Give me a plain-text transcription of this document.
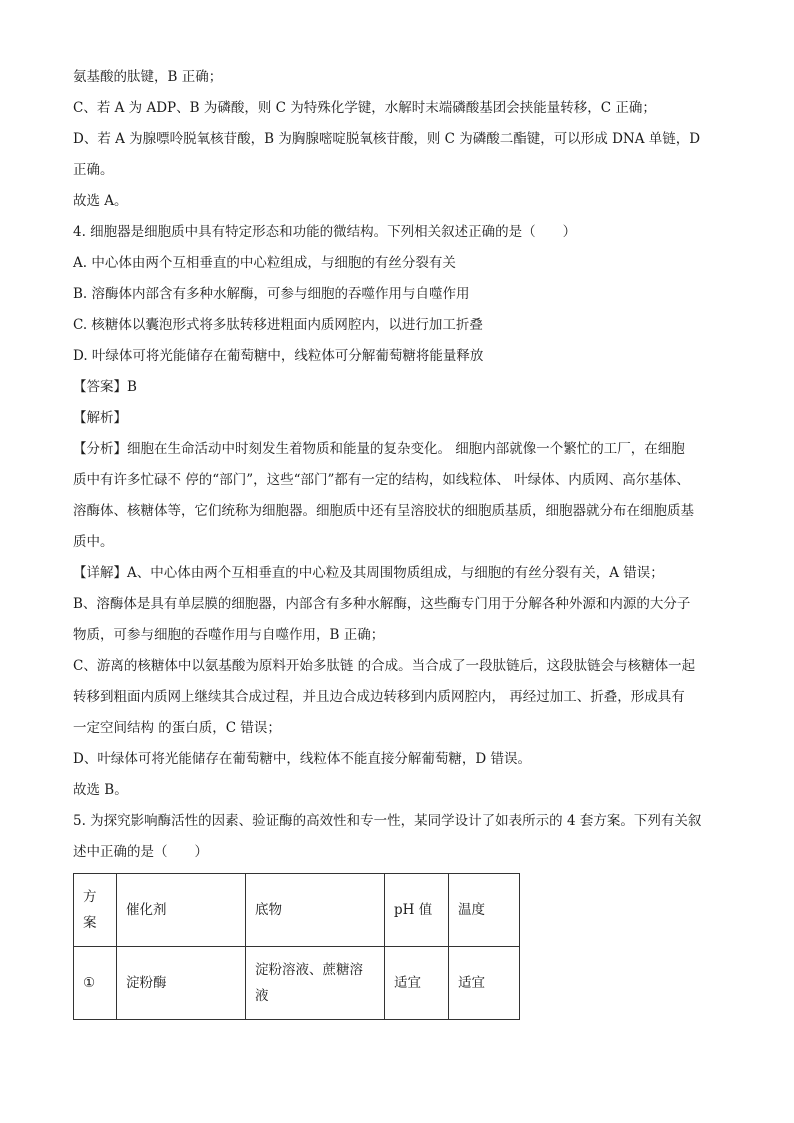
氨基酸的肽键，B 正确；
C、若 A 为 ADP、B 为磷酸，则 C 为特殊化学键，水解时末端磷酸基团会挟能量转移，C 正确；
D、若 A 为腺嘌呤脱氧核苷酸，B 为胸腺嘧啶脱氧核苷酸，则 C 为磷酸二酯键，可以形成 DNA 单链，D
正确。
故选 A。
4. 细胞器是细胞质中具有特定形态和功能的微结构。下列相关叙述正确的是（　　）
A. 中心体由两个互相垂直的中心粒组成，与细胞的有丝分裂有关
B. 溶酶体内部含有多种水解酶，可参与细胞的吞噬作用与自噬作用
C. 核糖体以囊泡形式将多肽转移进粗面内质网腔内，以进行加工折叠
D. 叶绿体可将光能储存在葡萄糖中，线粒体可分解葡萄糖将能量释放
【答案】B
【解析】
【分析】细胞在生命活动中时刻发生着物质和能量的复杂变化。 细胞内部就像一个繁忙的工厂，在细胞
质中有许多忙碌不 停的“部门”，这些“部门”都有一定的结构，如线粒体、 叶绿体、内质网、高尔基体、
溶酶体、核糖体等，它们统称为细胞器。细胞质中还有呈溶胶状的细胞质基质，细胞器就分布在细胞质基
质中。
【详解】A、中心体由两个互相垂直的中心粒及其周围物质组成，与细胞的有丝分裂有关，A 错误；
B、溶酶体是具有单层膜的细胞器，内部含有多种水解酶，这些酶专门用于分解各种外源和内源的大分子
物质，可参与细胞的吞噬作用与自噬作用，B 正确；
C、游离的核糖体中以氨基酸为原料开始多肽链 的合成。当合成了一段肽链后，这段肽链会与核糖体一起
转移到粗面内质网上继续其合成过程，并且边合成边转移到内质网腔内， 再经过加工、折叠，形成具有
一定空间结构 的蛋白质，C 错误；
D、叶绿体可将光能储存在葡萄糖中，线粒体不能直接分解葡萄糖，D 错误。
故选 B。
5. 为探究影响酶活性的因素、验证酶的高效性和专一性，某同学设计了如表所示的 4 套方案。下列有关叙
述中正确的是（　　）
方案	催化剂	底物	pH 值	温度
①	淀粉酶	淀粉溶液、蔗糖溶液	适宜	适宜
